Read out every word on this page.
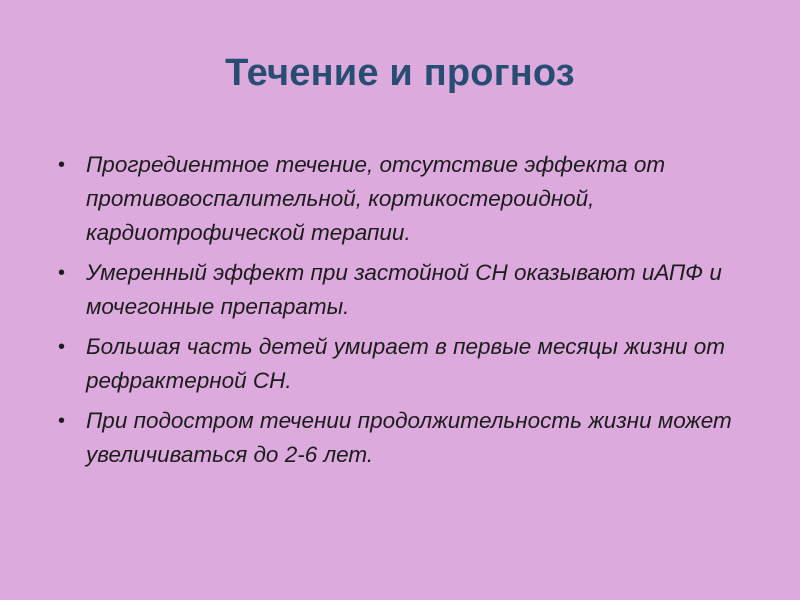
Течение и прогноз
• Прогредиентное течение, отсутствие эффекта от противовоспалительной, кортикостероидной, кардиотрофической терапии.
• Умеренный эффект при застойной СН оказывают иАПФ и мочегонные препараты.
• Большая часть детей умирает в первые месяцы жизни от рефрактерной СН.
• При подостром течении продолжительность жизни может увеличиваться до 2-6 лет.
